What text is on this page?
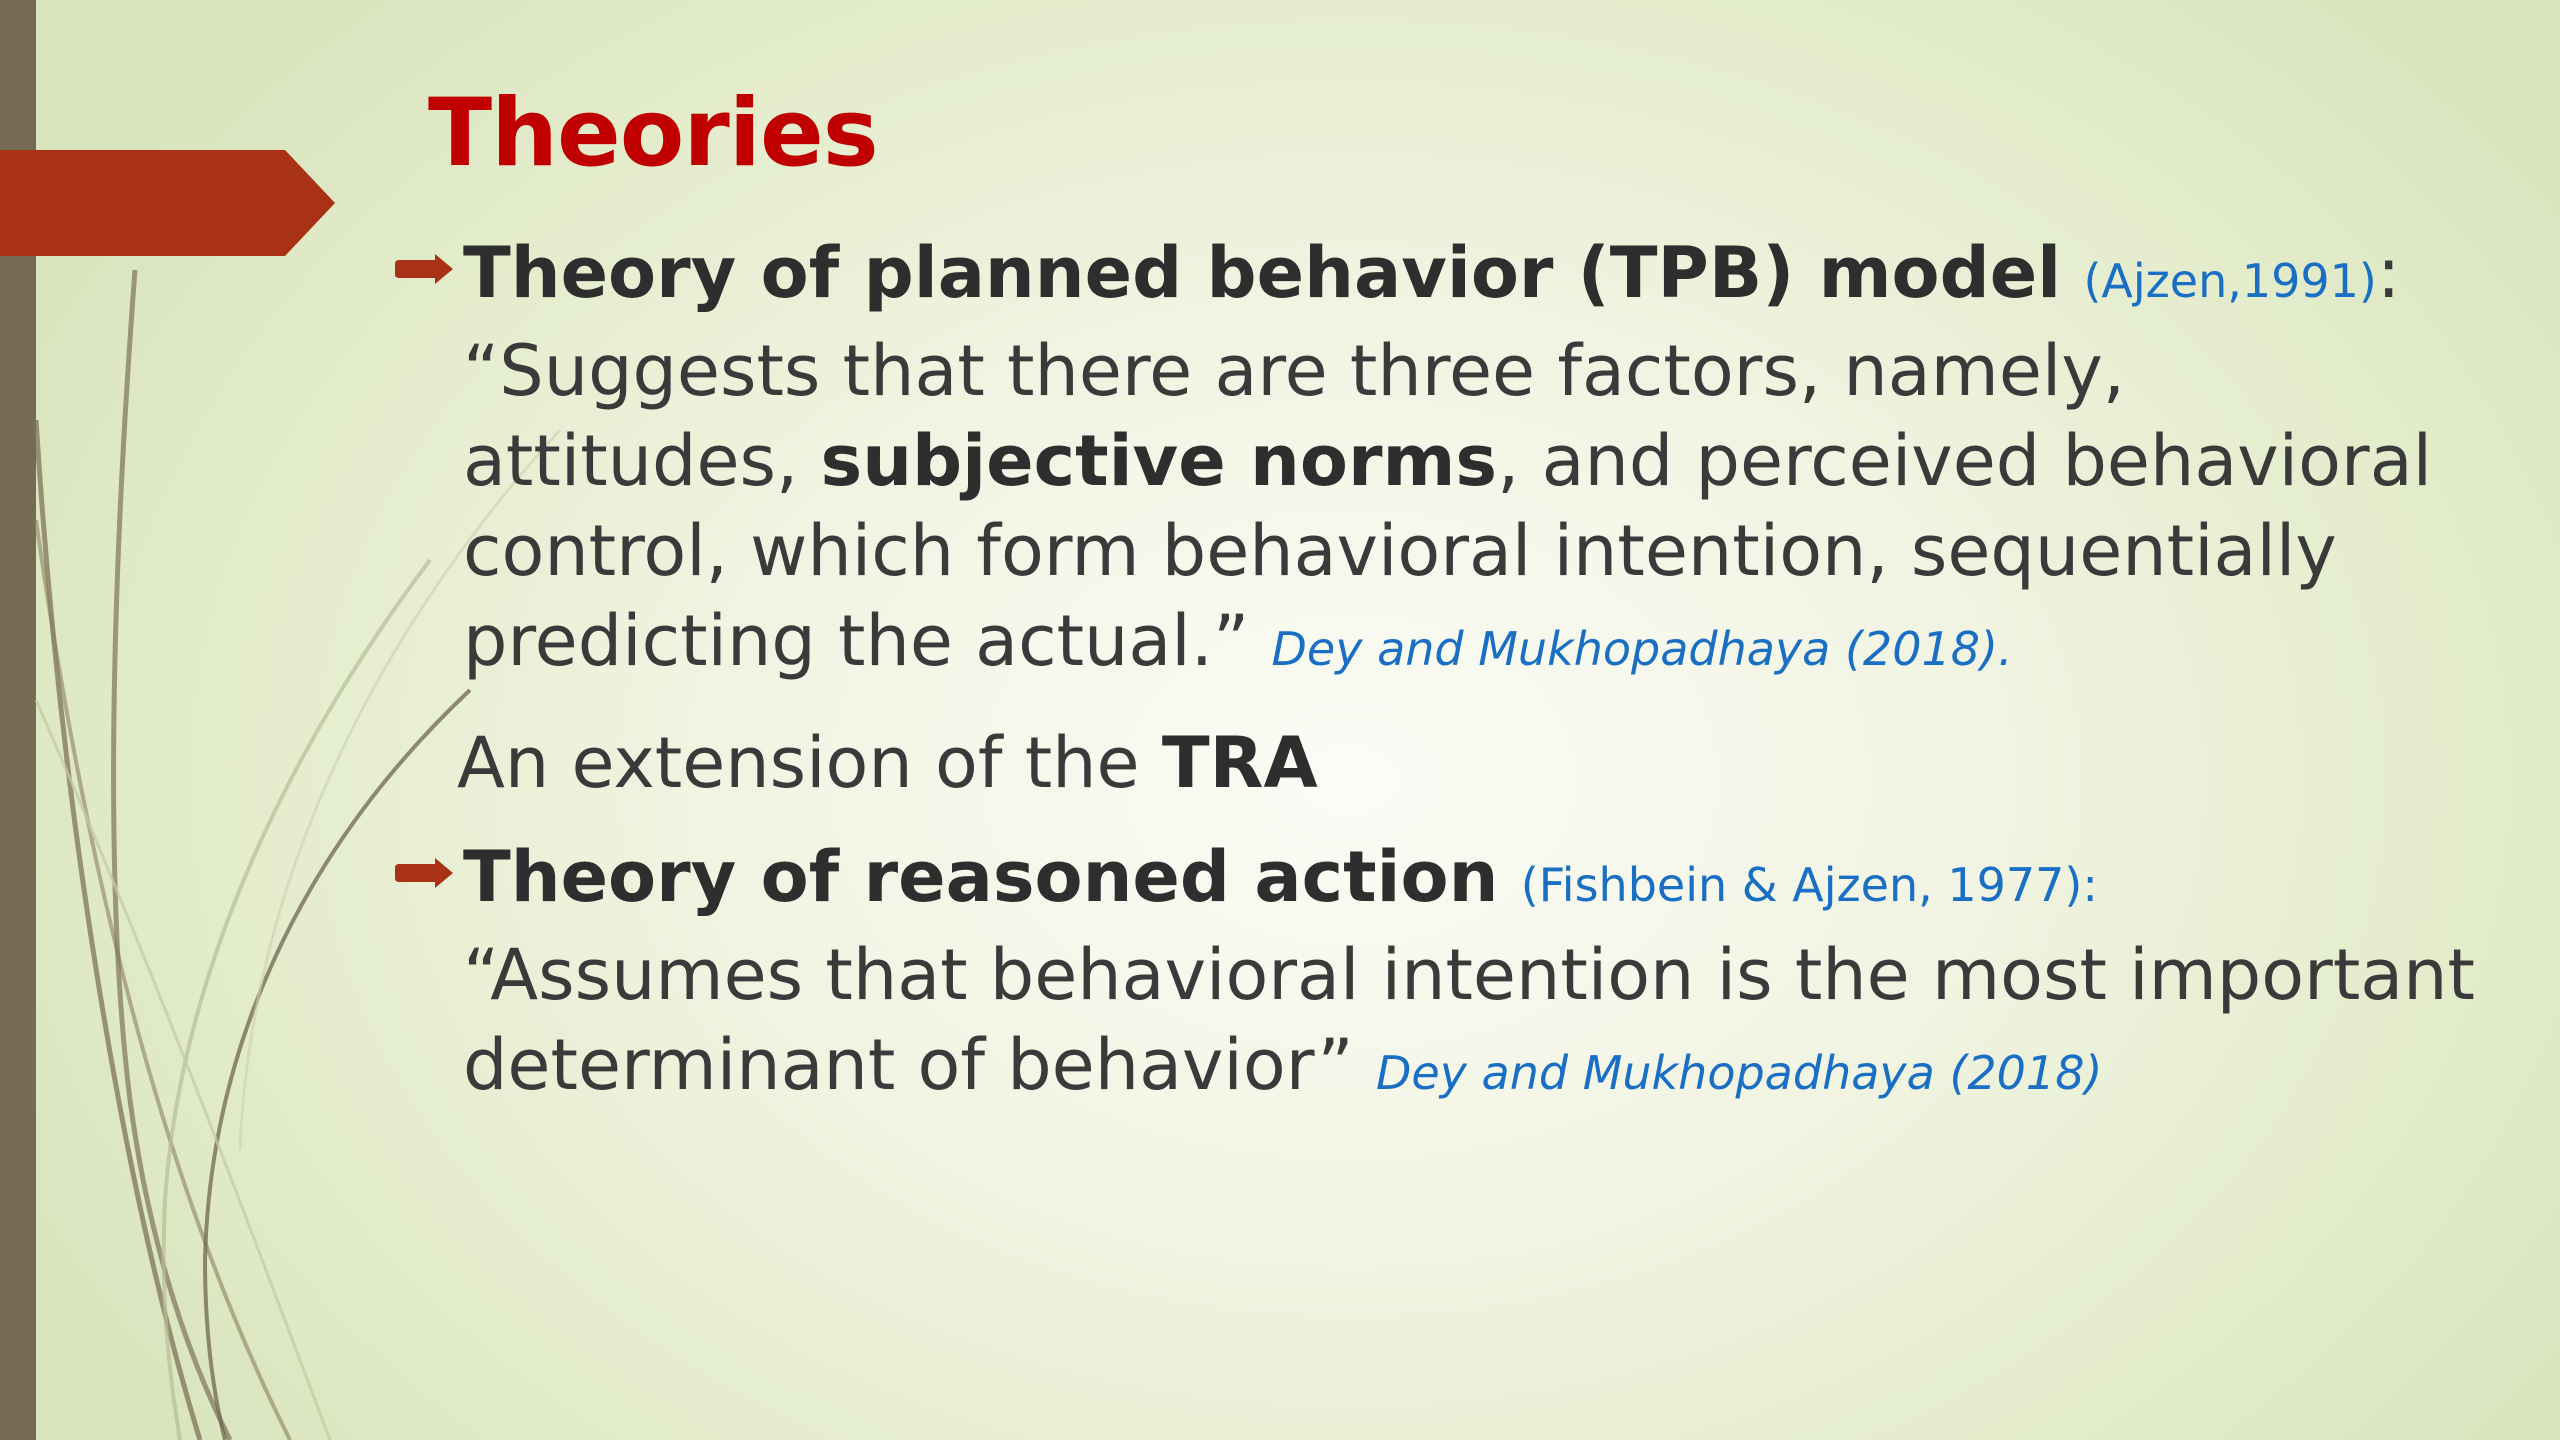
Theories
Theory of planned behavior (TPB) model (Ajzen,1991):
“Suggests that there are three factors, namely, attitudes, subjective norms, and perceived behavioral control, which form behavioral intention, sequentially predicting the actual.” Dey and Mukhopadhaya (2018).
An extension of the TRA
Theory of reasoned action (Fishbein & Ajzen, 1977):  “Assumes that behavioral intention is the most important determinant of behavior” Dey and Mukhopadhaya (2018)
